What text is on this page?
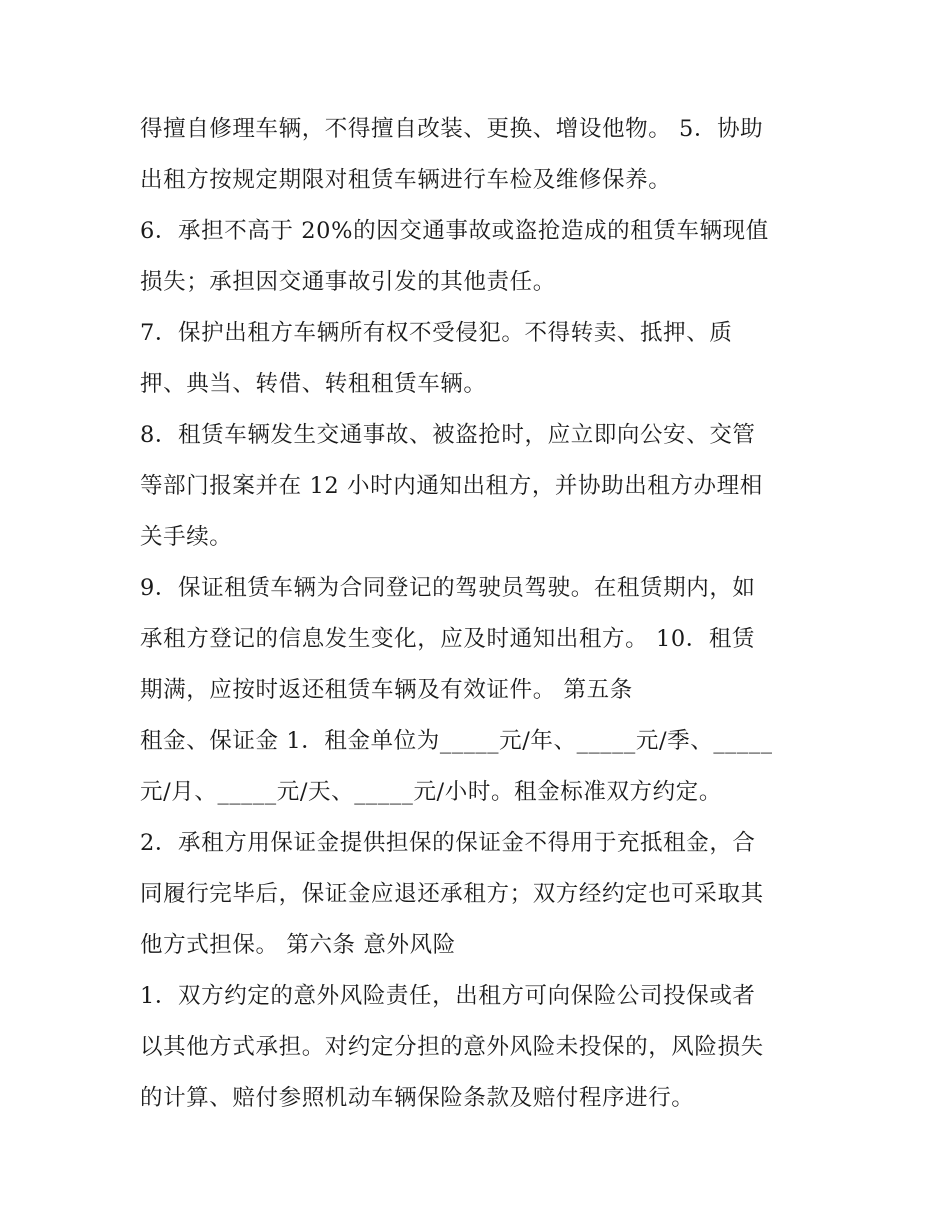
得擅自修理车辆，不得擅自改装、更换、增设他物。 5．协助
出租方按规定期限对租赁车辆进行车检及维修保养。
6．承担不高于 20%的因交通事故或盗抢造成的租赁车辆现值
损失；承担因交通事故引发的其他责任。
7．保护出租方车辆所有权不受侵犯。不得转卖、抵押、质
押、典当、转借、转租租赁车辆。
8．租赁车辆发生交通事故、被盗抢时，应立即向公安、交管
等部门报案并在 12 小时内通知出租方，并协助出租方办理相
关手续。
9．保证租赁车辆为合同登记的驾驶员驾驶。在租赁期内，如
承租方登记的信息发生变化，应及时通知出租方。 10．租赁
期满，应按时返还租赁车辆及有效证件。 第五条
租金、保证金 1．租金单位为_____元/年、_____元/季、_____
元/月、_____元/天、_____元/小时。租金标准双方约定。
2．承租方用保证金提供担保的保证金不得用于充抵租金，合
同履行完毕后，保证金应退还承租方；双方经约定也可采取其
他方式担保。 第六条 意外风险
1．双方约定的意外风险责任，出租方可向保险公司投保或者
以其他方式承担。对约定分担的意外风险未投保的，风险损失
的计算、赔付参照机动车辆保险条款及赔付程序进行。
